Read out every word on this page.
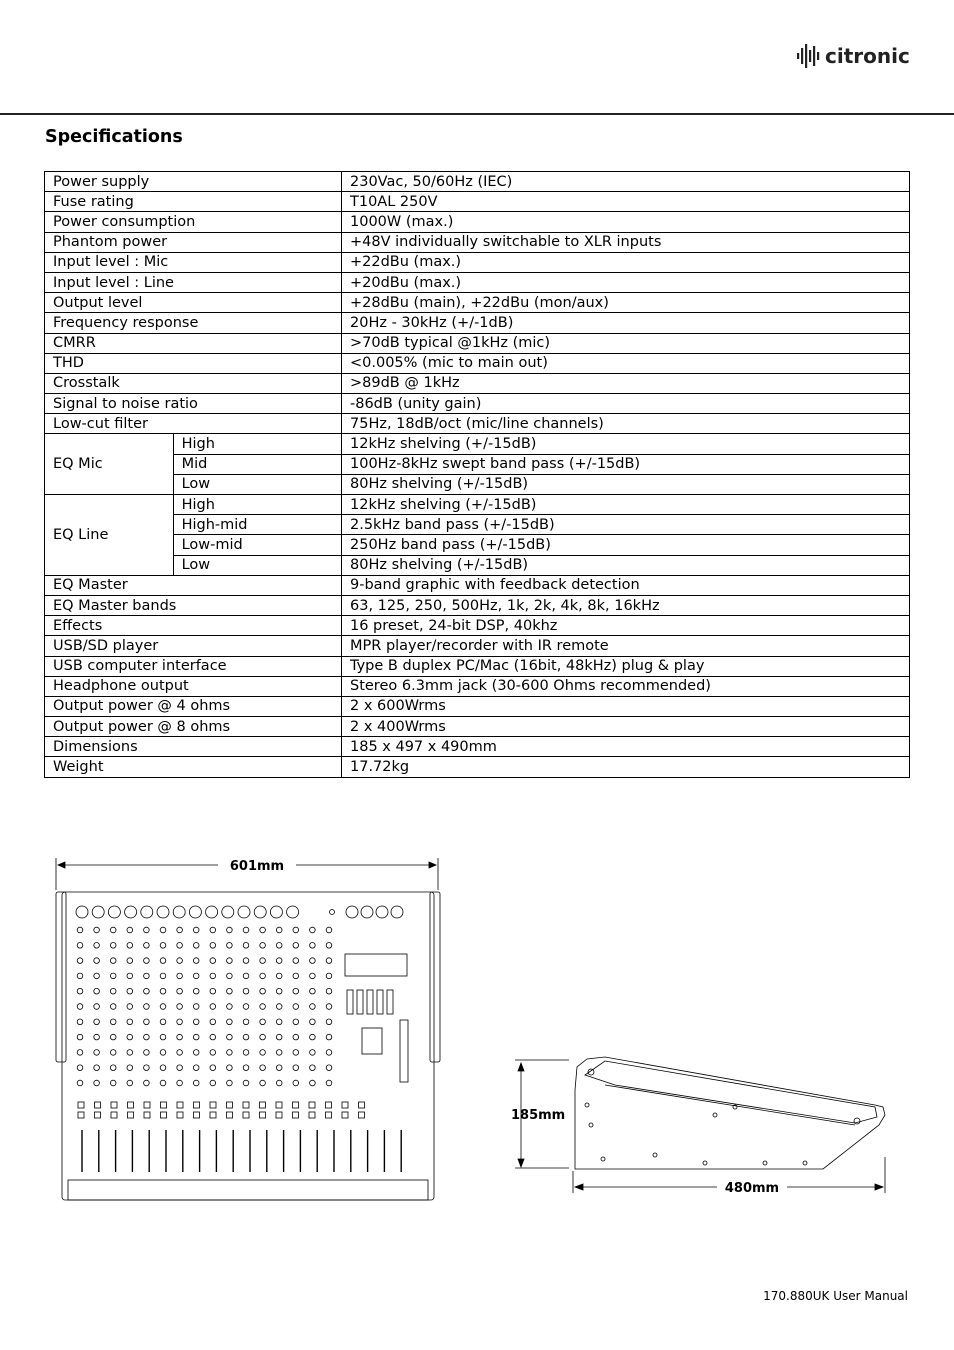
citronic
Specifications
Power supply		230Vac, 50/60Hz (IEC)
Fuse rating		T10AL 250V
Power consumption		1000W (max.)
Phantom power		+48V individually switchable to XLR inputs
Input level : Mic		+22dBu (max.)
Input level : Line		+20dBu (max.)
Output level		+28dBu (main), +22dBu (mon/aux)
Frequency response		20Hz - 30kHz (+/-1dB)
CMRR		>70dB typical @1kHz (mic)
THD		<0.005% (mic to main out)
Crosstalk		>89dB @ 1kHz
Signal to noise ratio		-86dB (unity gain)
Low-cut filter		75Hz, 18dB/oct (mic/line channels)
EQ Mic	High	12kHz shelving (+/-15dB)
	Mid	100Hz-8kHz swept band pass (+/-15dB)
	Low	80Hz shelving (+/-15dB)
EQ Line	High	12kHz shelving (+/-15dB)
	High-mid	2.5kHz band pass (+/-15dB)
	Low-mid	250Hz band pass (+/-15dB)
	Low	80Hz shelving (+/-15dB)
EQ Master		9-band graphic with feedback detection
EQ Master bands		63, 125, 250, 500Hz, 1k, 2k, 4k, 8k, 16kHz
Effects		16 preset, 24-bit DSP, 40khz
USB/SD player		MPR player/recorder with IR remote
USB computer interface		Type B duplex PC/Mac (16bit, 48kHz) plug & play
Headphone output		Stereo 6.3mm jack (30-600 Ohms recommended)
Output power @ 4 ohms		2 x 600Wrms
Output power @ 8 ohms		2 x 400Wrms
Dimensions		185 x 497 x 490mm
Weight		17.72kg
601mm
185mm
480mm
170.880UK User Manual
